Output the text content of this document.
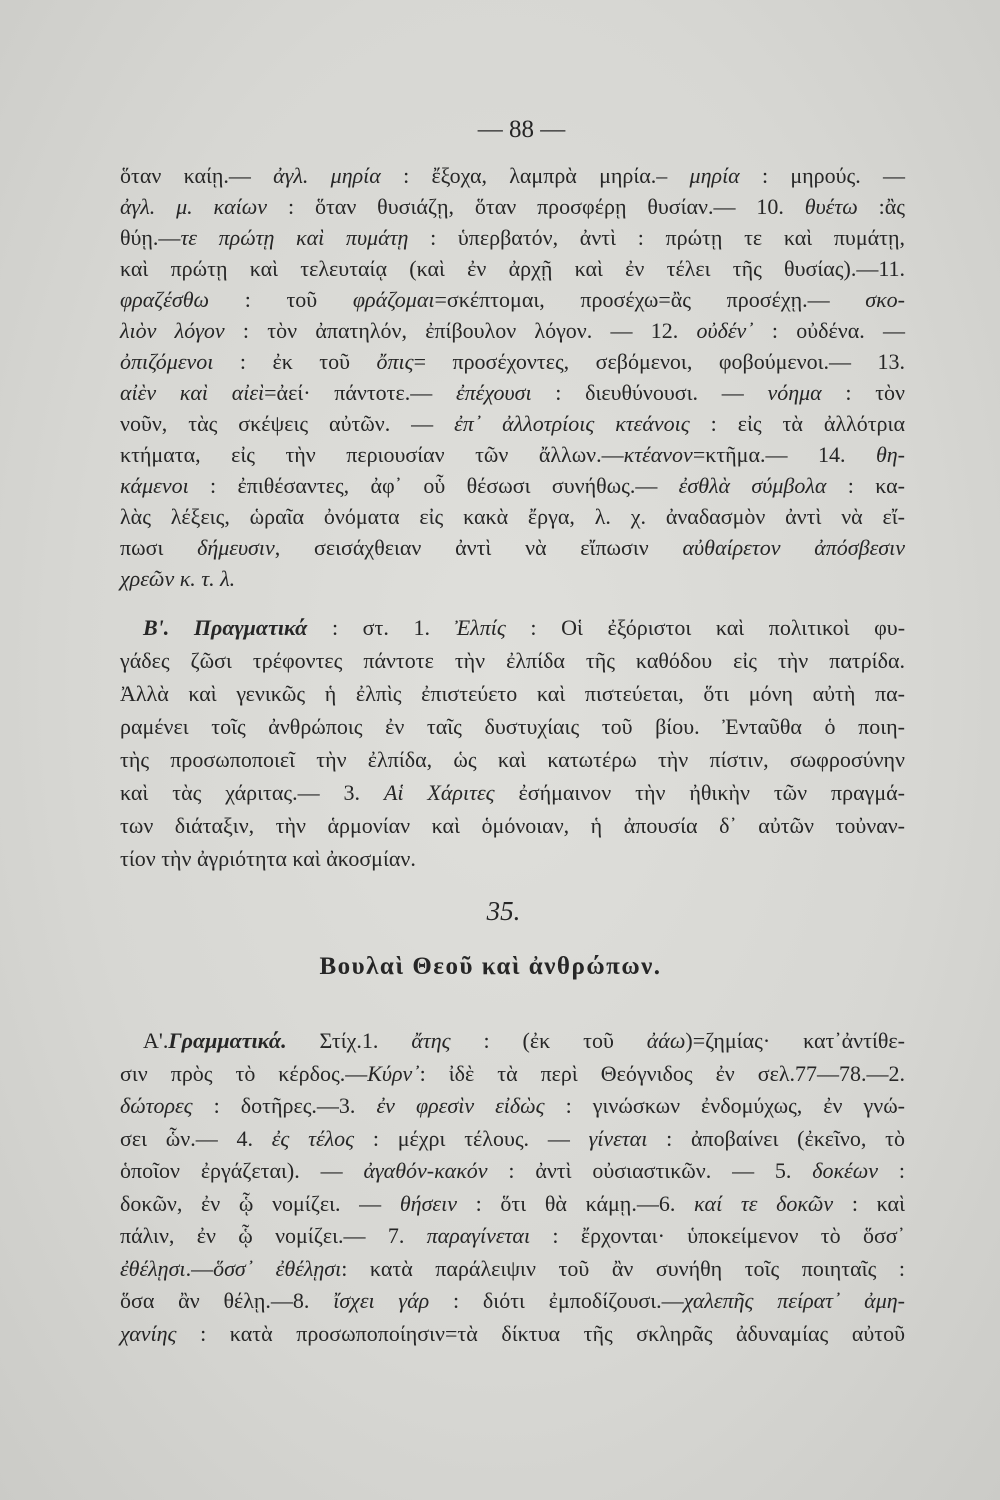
— 88 —
ὅταν καίῃ.— ἀγλ. μηρία : ἔξοχα, λαμπρὰ μηρία.– μηρία : μηρούς. —
ἀγλ. μ. καίων : ὅταν θυσιάζῃ, ὅταν προσφέρῃ θυσίαν.— 10. θυέτω :ἂς
θύῃ.—τε πρώτῃ καὶ πυμάτῃ : ὑπερβατόν, ἀντὶ : πρώτῃ τε καὶ πυμάτῃ,
καὶ πρώτῃ καὶ τελευταίᾳ (καὶ ἐν ἀρχῇ καὶ ἐν τέλει τῆς θυσίας).—11.
φραζέσθω : τοῦ φράζομαι=σκέπτομαι, προσέχω=ἂς προσέχῃ.— σκο-
λιὸν λόγον : τὸν ἀπατηλόν, ἐπίβουλον λόγον. — 12. οὐδέν᾽ : οὐδένα. —
ὀπιζόμενοι : ἐκ τοῦ ὄπις= προσέχοντες, σεβόμενοι, φοβούμενοι.— 13.
αἰὲν καὶ αἰεὶ=ἀεί· πάντοτε.— ἐπέχουσι : διευθύνουσι. — νόημα : τὸν
νοῦν, τὰς σκέψεις αὐτῶν. — ἐπ᾽ ἀλλοτρίοις κτεάνοις : εἰς τὰ ἀλλότρια
κτήματα, εἰς τὴν περιουσίαν τῶν ἄλλων.—κτέανον=κτῆμα.— 14. θη-
κάμενοι : ἐπιθέσαντες, ἀφ᾽ οὗ θέσωσι συνήθως.— ἐσθλὰ σύμβολα : κα-
λὰς λέξεις, ὡραῖα ὀνόματα εἰς κακὰ ἔργα, λ. χ. ἀναδασμὸν ἀντὶ νὰ εἴ-
πωσι δήμευσιν, σεισάχθειαν ἀντὶ νὰ εἴπωσιν αὐθαίρετον ἀπόσβεσιν
χρεῶν κ. τ. λ.
Β'. Πραγματικά : στ. 1. Ἐλπίς : Οἱ ἐξόριστοι καὶ πολιτικοὶ φυ-
γάδες ζῶσι τρέφοντες πάντοτε τὴν ἐλπίδα τῆς καθόδου εἰς τὴν πατρίδα.
Ἀλλὰ καὶ γενικῶς ἡ ἐλπὶς ἐπιστεύετο καὶ πιστεύεται, ὅτι μόνη αὐτὴ πα-
ραμένει τοῖς ἀνθρώποις ἐν ταῖς δυστυχίαις τοῦ βίου. Ἐνταῦθα ὁ ποιη-
τὴς προσωποποιεῖ τὴν ἐλπίδα, ὡς καὶ κατωτέρω τὴν πίστιν, σωφροσύνην
καὶ τὰς χάριτας.— 3. Αἱ Χάριτες ἐσήμαινον τὴν ἠθικὴν τῶν πραγμά-
των διάταξιν, τὴν ἁρμονίαν καὶ ὁμόνοιαν, ἡ ἀπουσία δ᾽ αὐτῶν τοὐναν-
τίον τὴν ἀγριότητα καὶ ἀκοσμίαν.
35.
Βουλαὶ Θεοῦ καὶ ἀνθρώπων.
Α'.Γραμματικά. Στίχ.1. ἄτης : (ἐκ τοῦ ἀάω)=ζημίας· κατ᾽ἀντίθε-
σιν πρὸς τὸ κέρδος.—Κύρν᾽: ἰδὲ τὰ περὶ Θεόγνιδος ἐν σελ.77—78.—2.
δώτορες : δοτῆρες.—3. ἐν φρεσὶν εἰδὼς : γινώσκων ἐνδομύχως, ἐν γνώ-
σει ὧν.— 4. ἐς τέλος : μέχρι τέλους. — γίνεται : ἀποβαίνει (ἐκεῖνο, τὸ
ὁποῖον ἐργάζεται). — ἀγαθόν-κακόν : ἀντὶ οὐσιαστικῶν. — 5. δοκέων :
δοκῶν, ἐν ᾧ νομίζει. — θήσειν : ὅτι θὰ κάμῃ.—6. καί τε δοκῶν : καὶ
πάλιν, ἐν ᾧ νομίζει.— 7. παραγίνεται : ἔρχονται· ὑποκείμενον τὸ ὅσσ᾽
ἐθέλῃσι.—ὅσσ᾽ ἐθέλῃσι: κατὰ παράλειψιν τοῦ ἂν συνήθη τοῖς ποιηταῖς :
ὅσα ἂν θέλῃ.—8. ἴσχει γάρ : διότι ἐμποδίζουσι.—χαλεπῆς πείρατ᾽ ἀμη-
χανίης : κατὰ προσωποποίησιν=τὰ δίκτυα τῆς σκληρᾶς ἀδυναμίας αὐτοῦ
